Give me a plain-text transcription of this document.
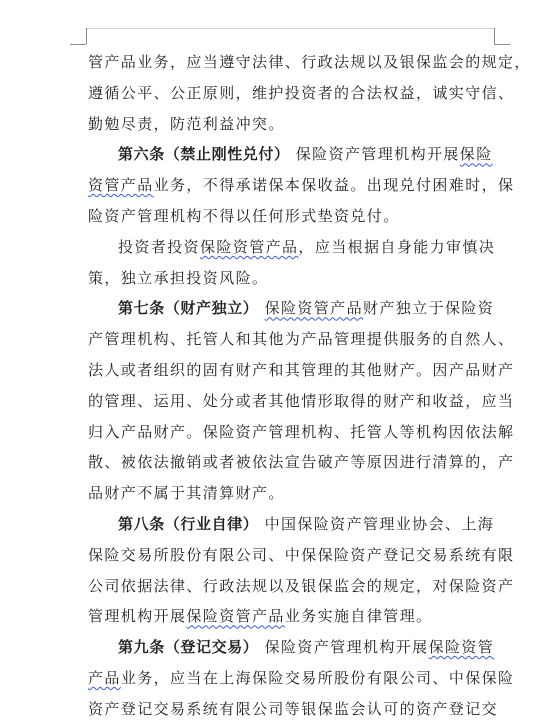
管产品业务，应当遵守法律、行政法规以及银保监会的规定，
遵循公平、公正原则，维护投资者的合法权益，诚实守信、
勤勉尽责，防范利益冲突。
第六条（禁止刚性兑付） 保险资产管理机构开展保险
资管产品业务，不得承诺保本保收益。出现兑付困难时，保
险资产管理机构不得以任何形式垫资兑付。
投资者投资保险资管产品，应当根据自身能力审慎决
策，独立承担投资风险。
第七条（财产独立） 保险资管产品财产独立于保险资
产管理机构、托管人和其他为产品管理提供服务的自然人、
法人或者组织的固有财产和其管理的其他财产。因产品财产
的管理、运用、处分或者其他情形取得的财产和收益，应当
归入产品财产。保险资产管理机构、托管人等机构因依法解
散、被依法撤销或者被依法宣告破产等原因进行清算的，产
品财产不属于其清算财产。
第八条（行业自律） 中国保险资产管理业协会、上海
保险交易所股份有限公司、中保保险资产登记交易系统有限
公司依据法律、行政法规以及银保监会的规定，对保险资产
管理机构开展保险资管产品业务实施自律管理。
第九条（登记交易） 保险资产管理机构开展保险资管
产品业务，应当在上海保险交易所股份有限公司、中保保险
资产登记交易系统有限公司等银保监会认可的资产登记交
